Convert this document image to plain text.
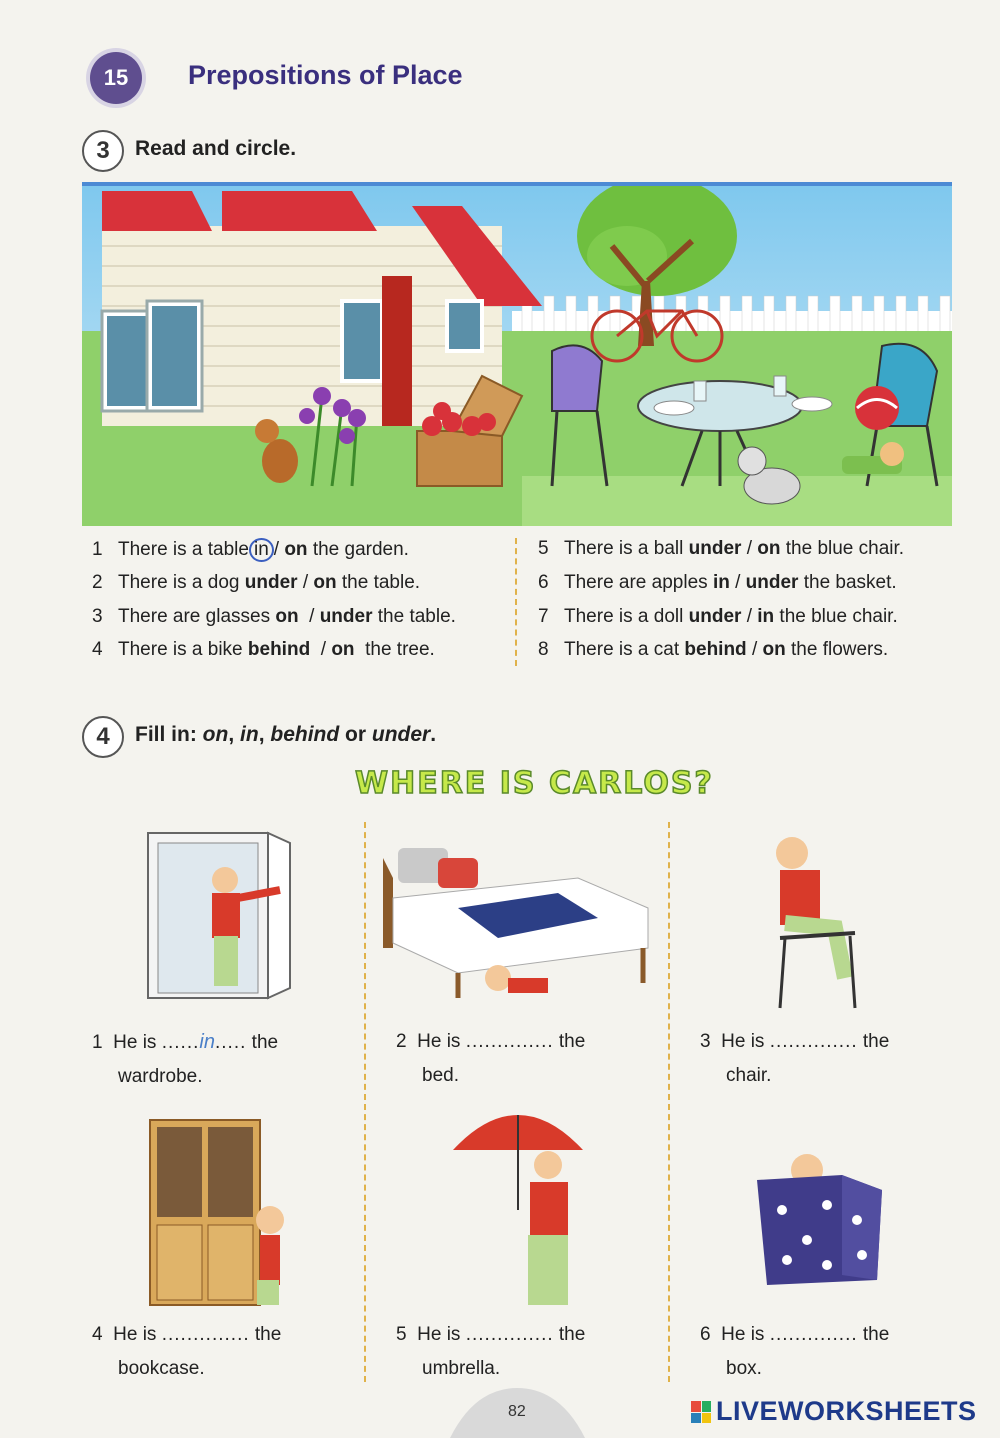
15	Prepositions of Place
3	Read and circle.
1 There is a table in / on the garden.
2 There is a dog under / on the table.
3 There are glasses on / under the table.
4 There is a bike behind / on the tree.
5 There is a ball under / on the blue chair.
6 There are apples in / under the basket.
7 There is a doll under / in the blue chair.
8 There is a cat behind / on the flowers.
4	Fill in: on, in, behind or under.
WHERE IS CARLOS?
1 He is ......in..... the
wardrobe.
2 He is .............. the
bed.
3 He is .............. the
chair.
4 He is .............. the
bookcase.
5 He is .............. the
umbrella.
6 He is .............. the
box.
82	LIVEWORKSHEETS
